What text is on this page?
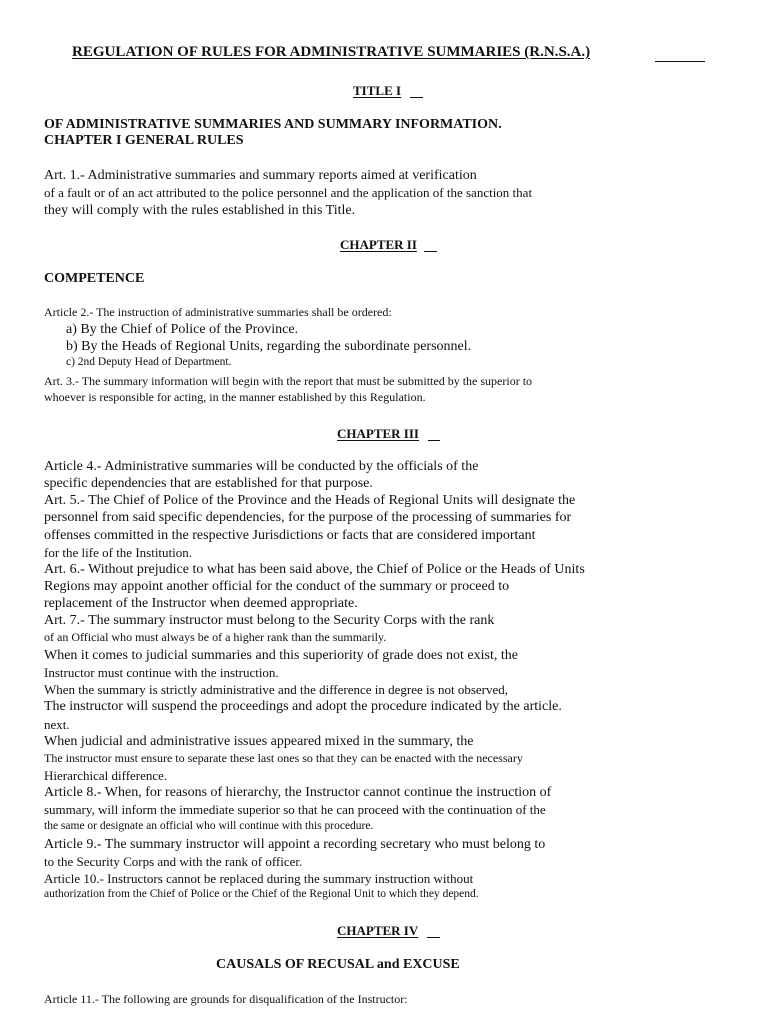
REGULATION OF RULES FOR ADMINISTRATIVE SUMMARIES (R.N.S.A.)
TITLE I
OF ADMINISTRATIVE SUMMARIES AND SUMMARY INFORMATION.
CHAPTER I GENERAL RULES
Art. 1.- Administrative summaries and summary reports aimed at verification
of a fault or of an act attributed to the police personnel and the application of the sanction that
they will comply with the rules established in this Title.
CHAPTER II
COMPETENCE
Article 2.- The instruction of administrative summaries shall be ordered:
a) By the Chief of Police of the Province.
b) By the Heads of Regional Units, regarding the subordinate personnel.
c) 2nd Deputy Head of Department.
Art. 3.- The summary information will begin with the report that must be submitted by the superior to
whoever is responsible for acting, in the manner established by this Regulation.
CHAPTER III
Article 4.- Administrative summaries will be conducted by the officials of the
specific dependencies that are established for that purpose.
Art. 5.- The Chief of Police of the Province and the Heads of Regional Units will designate the
personnel from said specific dependencies, for the purpose of the processing of summaries for
offenses committed in the respective Jurisdictions or facts that are considered important
for the life of the Institution.
Art. 6.- Without prejudice to what has been said above, the Chief of Police or the Heads of Units
Regions may appoint another official for the conduct of the summary or proceed to
replacement of the Instructor when deemed appropriate.
Art. 7.- The summary instructor must belong to the Security Corps with the rank
of an Official who must always be of a higher rank than the summarily.
When it comes to judicial summaries and this superiority of grade does not exist, the
Instructor must continue with the instruction.
When the summary is strictly administrative and the difference in degree is not observed,
The instructor will suspend the proceedings and adopt the procedure indicated by the article.
next.
When judicial and administrative issues appeared mixed in the summary, the
The instructor must ensure to separate these last ones so that they can be enacted with the necessary
Hierarchical difference.
Article 8.- When, for reasons of hierarchy, the Instructor cannot continue the instruction of
summary, will inform the immediate superior so that he can proceed with the continuation of the
the same or designate an official who will continue with this procedure.
Article 9.- The summary instructor will appoint a recording secretary who must belong to
to the Security Corps and with the rank of officer.
Article 10.- Instructors cannot be replaced during the summary instruction without
authorization from the Chief of Police or the Chief of the Regional Unit to which they depend.
CHAPTER IV
CAUSALS OF RECUSAL and EXCUSE
Article 11.- The following are grounds for disqualification of the Instructor:
